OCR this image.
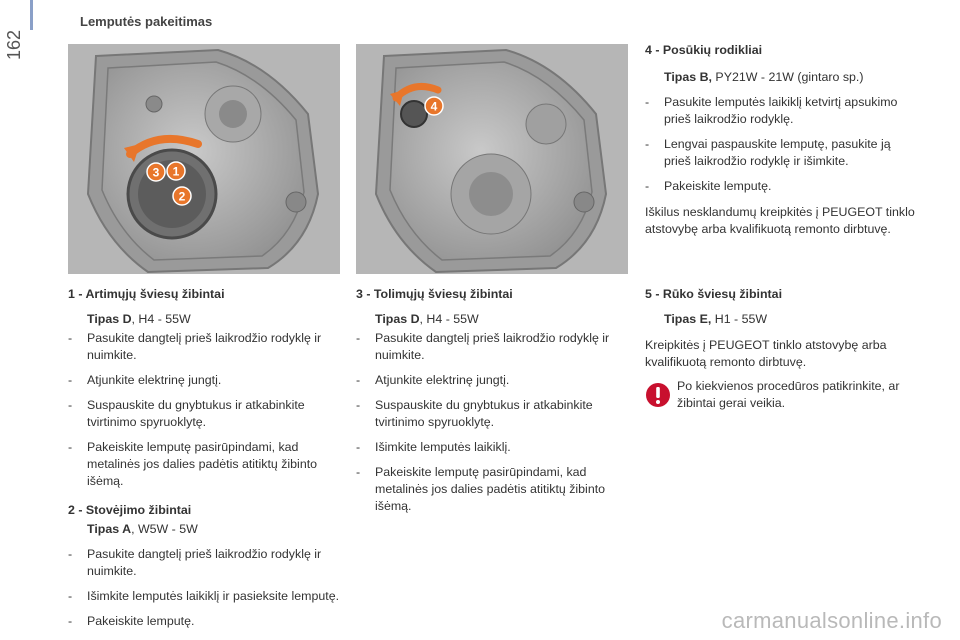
Lemputės pakeitimas
162
3 1
2
4
1 - Artimųjų šviesų žibintai
Tipas D, H4 - 55W
- Pasukite dangtelį prieš laikrodžio rodyklę ir nuimkite.
- Atjunkite elektrinę jungtį.
- Suspauskite du gnybtukus ir atkabinkite tvirtinimo spyruoklytę.
- Pakeiskite lemputę pasirūpindami, kad metalinės jos dalies padėtis atitiktų žibinto išėmą.
2 - Stovėjimo žibintai
Tipas A, W5W - 5W
- Pasukite dangtelį prieš laikrodžio rodyklę ir nuimkite.
- Išimkite lemputės laikiklį ir pasieksite lemputę.
- Pakeiskite lemputę.
3 - Tolimųjų šviesų žibintai
Tipas D, H4 - 55W
- Pasukite dangtelį prieš laikrodžio rodyklę ir nuimkite.
- Atjunkite elektrinę jungtį.
- Suspauskite du gnybtukus ir atkabinkite tvirtinimo spyruoklytę.
- Išimkite lemputės laikiklį.
- Pakeiskite lemputę pasirūpindami, kad metalinės jos dalies padėtis atitiktų žibinto išėmą.
4 - Posūkių rodikliai
Tipas B, PY21W - 21W (gintaro sp.)
- Pasukite lemputės laikiklį ketvirtį apsukimo prieš laikrodžio rodyklę.
- Lengvai paspauskite lemputę, pasukite ją prieš laikrodžio rodyklę ir išimkite.
- Pakeiskite lemputę.
Iškilus nesklandumų kreipkitės į PEUGEOT tinklo atstovybę arba kvalifikuotą remonto dirbtuvę.
5 - Rūko šviesų žibintai
Tipas E, H1 - 55W
Kreipkitės į PEUGEOT tinklo atstovybę arba kvalifikuotą remonto dirbtuvę.
Po kiekvienos procedūros patikrinkite, ar žibintai gerai veikia.
carmanualsonline.info
